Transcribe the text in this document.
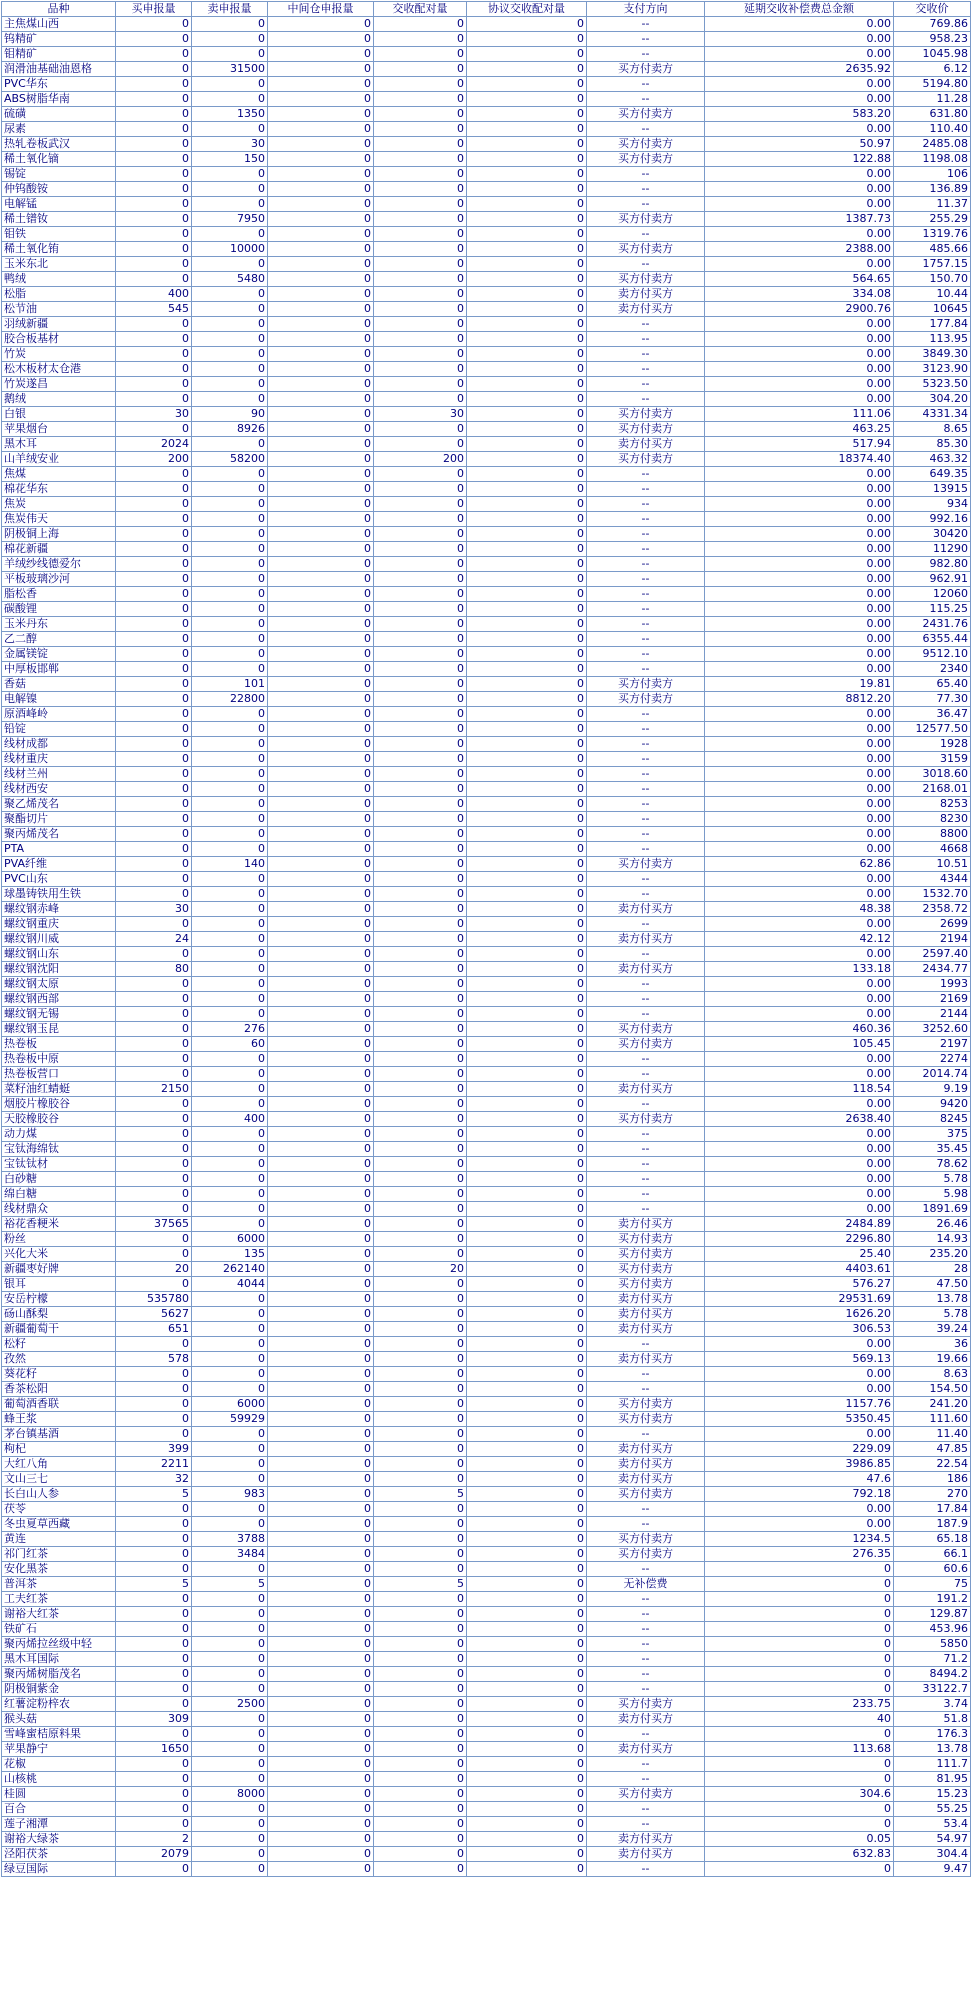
品种	买申报量	卖申报量	中间仓申报量	交收配对量	协议交收配对量	支付方向	延期交收补偿费总金额	交收价
主焦煤山西	0	0	0	0	0	--	0.00	769.86
钨精矿	0	0	0	0	0	--	0.00	958.23
钼精矿	0	0	0	0	0	--	0.00	1045.98
润滑油基础油恩格	0	31500	0	0	0	买方付卖方	2635.92	6.12
PVC华东	0	0	0	0	0	--	0.00	5194.80
ABS树脂华南	0	0	0	0	0	--	0.00	11.28
硫磺	0	1350	0	0	0	买方付卖方	583.20	631.80
尿素	0	0	0	0	0	--	0.00	110.40
热轧卷板武汉	0	30	0	0	0	买方付卖方	50.97	2485.08
稀土氧化镝	0	150	0	0	0	买方付卖方	122.88	1198.08
锡锭	0	0	0	0	0	--	0.00	106
仲钨酸铵	0	0	0	0	0	--	0.00	136.89
电解锰	0	0	0	0	0	--	0.00	11.37
稀土镨钕	0	7950	0	0	0	买方付卖方	1387.73	255.29
钼铁	0	0	0	0	0	--	0.00	1319.76
稀土氧化铕	0	10000	0	0	0	买方付卖方	2388.00	485.66
玉米东北	0	0	0	0	0	--	0.00	1757.15
鸭绒	0	5480	0	0	0	买方付卖方	564.65	150.70
松脂	400	0	0	0	0	卖方付买方	334.08	10.44
松节油	545	0	0	0	0	卖方付买方	2900.76	10645
羽绒新疆	0	0	0	0	0	--	0.00	177.84
胶合板基材	0	0	0	0	0	--	0.00	113.95
竹炭	0	0	0	0	0	--	0.00	3849.30
松木板材太仓港	0	0	0	0	0	--	0.00	3123.90
竹炭遂昌	0	0	0	0	0	--	0.00	5323.50
鹅绒	0	0	0	0	0	--	0.00	304.20
白银	30	90	0	30	0	买方付卖方	111.06	4331.34
苹果烟台	0	8926	0	0	0	买方付卖方	463.25	8.65
黑木耳	2024	0	0	0	0	卖方付买方	517.94	85.30
山羊绒安业	200	58200	0	200	0	买方付卖方	18374.40	463.32
焦煤	0	0	0	0	0	--	0.00	649.35
棉花华东	0	0	0	0	0	--	0.00	13915
焦炭	0	0	0	0	0	--	0.00	934
焦炭伟天	0	0	0	0	0	--	0.00	992.16
阴极铜上海	0	0	0	0	0	--	0.00	30420
棉花新疆	0	0	0	0	0	--	0.00	11290
羊绒纱线德爱尔	0	0	0	0	0	--	0.00	982.80
平板玻璃沙河	0	0	0	0	0	--	0.00	962.91
脂松香	0	0	0	0	0	--	0.00	12060
碳酸锂	0	0	0	0	0	--	0.00	115.25
玉米丹东	0	0	0	0	0	--	0.00	2431.76
乙二醇	0	0	0	0	0	--	0.00	6355.44
金属镁锭	0	0	0	0	0	--	0.00	9512.10
中厚板邯郸	0	0	0	0	0	--	0.00	2340
香菇	0	101	0	0	0	买方付卖方	19.81	65.40
电解镍	0	22800	0	0	0	买方付卖方	8812.20	77.30
原酒峰岭	0	0	0	0	0	--	0.00	36.47
铅锭	0	0	0	0	0	--	0.00	12577.50
线材成都	0	0	0	0	0	--	0.00	1928
线材重庆	0	0	0	0	0	--	0.00	3159
线材兰州	0	0	0	0	0	--	0.00	3018.60
线材西安	0	0	0	0	0	--	0.00	2168.01
聚乙烯茂名	0	0	0	0	0	--	0.00	8253
聚酯切片	0	0	0	0	0	--	0.00	8230
聚丙烯茂名	0	0	0	0	0	--	0.00	8800
PTA	0	0	0	0	0	--	0.00	4668
PVA纤维	0	140	0	0	0	买方付卖方	62.86	10.51
PVC山东	0	0	0	0	0	--	0.00	4344
球墨铸铁用生铁	0	0	0	0	0	--	0.00	1532.70
螺纹钢赤峰	30	0	0	0	0	卖方付买方	48.38	2358.72
螺纹钢重庆	0	0	0	0	0	--	0.00	2699
螺纹钢川威	24	0	0	0	0	卖方付买方	42.12	2194
螺纹钢山东	0	0	0	0	0	--	0.00	2597.40
螺纹钢沈阳	80	0	0	0	0	卖方付买方	133.18	2434.77
螺纹钢太原	0	0	0	0	0	--	0.00	1993
螺纹钢西部	0	0	0	0	0	--	0.00	2169
螺纹钢无锡	0	0	0	0	0	--	0.00	2144
螺纹钢玉昆	0	276	0	0	0	买方付卖方	460.36	3252.60
热卷板	0	60	0	0	0	买方付卖方	105.45	2197
热卷板中原	0	0	0	0	0	--	0.00	2274
热卷板营口	0	0	0	0	0	--	0.00	2014.74
菜籽油红蜻蜓	2150	0	0	0	0	卖方付买方	118.54	9.19
烟胶片橡胶谷	0	0	0	0	0	--	0.00	9420
天胶橡胶谷	0	400	0	0	0	买方付卖方	2638.40	8245
动力煤	0	0	0	0	0	--	0.00	375
宝钛海绵钛	0	0	0	0	0	--	0.00	35.45
宝钛钛材	0	0	0	0	0	--	0.00	78.62
白砂糖	0	0	0	0	0	--	0.00	5.78
绵白糖	0	0	0	0	0	--	0.00	5.98
线材鼎众	0	0	0	0	0	--	0.00	1891.69
裕花香粳米	37565	0	0	0	0	卖方付买方	2484.89	26.46
粉丝	0	6000	0	0	0	买方付卖方	2296.80	14.93
兴化大米	0	135	0	0	0	买方付卖方	25.40	235.20
新疆枣好牌	20	262140	0	20	0	买方付卖方	4403.61	28
银耳	0	4044	0	0	0	买方付卖方	576.27	47.50
安岳柠檬	535780	0	0	0	0	卖方付买方	29531.69	13.78
砀山酥梨	5627	0	0	0	0	卖方付买方	1626.20	5.78
新疆葡萄干	651	0	0	0	0	卖方付买方	306.53	39.24
松籽	0	0	0	0	0	--	0.00	36
孜然	578	0	0	0	0	卖方付买方	569.13	19.66
葵花籽	0	0	0	0	0	--	0.00	8.63
香茶松阳	0	0	0	0	0	--	0.00	154.50
葡萄酒香联	0	6000	0	0	0	买方付卖方	1157.76	241.20
蜂王浆	0	59929	0	0	0	买方付卖方	5350.45	111.60
茅台镇基酒	0	0	0	0	0	--	0.00	11.40
枸杞	399	0	0	0	0	卖方付买方	229.09	47.85
大红八角	2211	0	0	0	0	卖方付买方	3986.85	22.54
文山三七	32	0	0	0	0	卖方付买方	47.6	186
长白山人参	5	983	0	5	0	买方付卖方	792.18	270
茯苓	0	0	0	0	0	--	0.00	17.84
冬虫夏草西藏	0	0	0	0	0	--	0.00	187.9
黄连	0	3788	0	0	0	买方付卖方	1234.5	65.18
祁门红茶	0	3484	0	0	0	买方付卖方	276.35	66.1
安化黑茶	0	0	0	0	0	--	0	60.6
普洱茶	5	5	0	5	0	无补偿费	0	75
工夫红茶	0	0	0	0	0	--	0	191.2
谢裕大红茶	0	0	0	0	0	--	0	129.87
铁矿石	0	0	0	0	0	--	0	453.96
聚丙烯拉丝级中轻	0	0	0	0	0	--	0	5850
黑木耳国际	0	0	0	0	0	--	0	71.2
聚丙烯树脂茂名	0	0	0	0	0	--	0	8494.2
阴极铜紫金	0	0	0	0	0	--	0	33122.7
红薯淀粉梓农	0	2500	0	0	0	买方付卖方	233.75	3.74
猴头菇	309	0	0	0	0	卖方付买方	40	51.8
雪峰蜜桔原料果	0	0	0	0	0	--	0	176.3
苹果静宁	1650	0	0	0	0	卖方付买方	113.68	13.78
花椒	0	0	0	0	0	--	0	111.7
山核桃	0	0	0	0	0	--	0	81.95
桂圆	0	8000	0	0	0	买方付卖方	304.6	15.23
百合	0	0	0	0	0	--	0	55.25
莲子湘潭	0	0	0	0	0	--	0	53.4
谢裕大绿茶	2	0	0	0	0	卖方付买方	0.05	54.97
泾阳茯茶	2079	0	0	0	0	卖方付买方	632.83	304.4
绿豆国际	0	0	0	0	0	--	0	9.47
